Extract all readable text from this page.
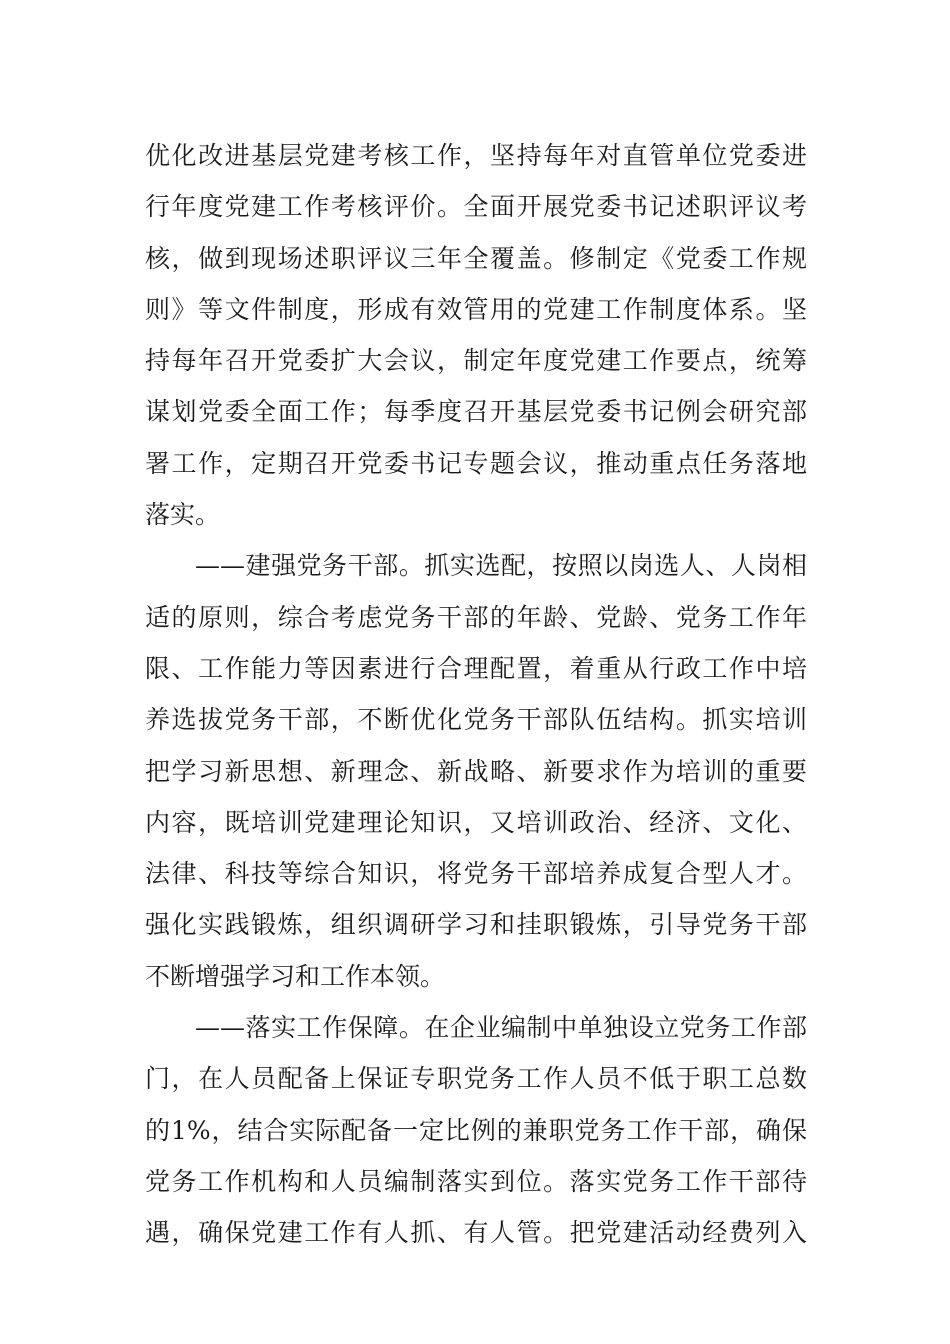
优化改进基层党建考核工作，坚持每年对直管单位党委进
行年度党建工作考核评价。全面开展党委书记述职评议考
核，做到现场述职评议三年全覆盖。修制定《党委工作规
则》等文件制度，形成有效管用的党建工作制度体系。坚
持每年召开党委扩大会议，制定年度党建工作要点，统筹
谋划党委全面工作；每季度召开基层党委书记例会研究部
署工作，定期召开党委书记专题会议，推动重点任务落地
落实。
——建强党务干部。抓实选配，按照以岗选人、人岗相
适的原则，综合考虑党务干部的年龄、党龄、党务工作年
限、工作能力等因素进行合理配置，着重从行政工作中培
养选拔党务干部，不断优化党务干部队伍结构。抓实培训
把学习新思想、新理念、新战略、新要求作为培训的重要
内容，既培训党建理论知识，又培训政治、经济、文化、
法律、科技等综合知识，将党务干部培养成复合型人才。
强化实践锻炼，组织调研学习和挂职锻炼，引导党务干部
不断增强学习和工作本领。
——落实工作保障。在企业编制中单独设立党务工作部
门，在人员配备上保证专职党务工作人员不低于职工总数
的1%，结合实际配备一定比例的兼职党务工作干部，确保
党务工作机构和人员编制落实到位。落实党务工作干部待
遇，确保党建工作有人抓、有人管。把党建活动经费列入
